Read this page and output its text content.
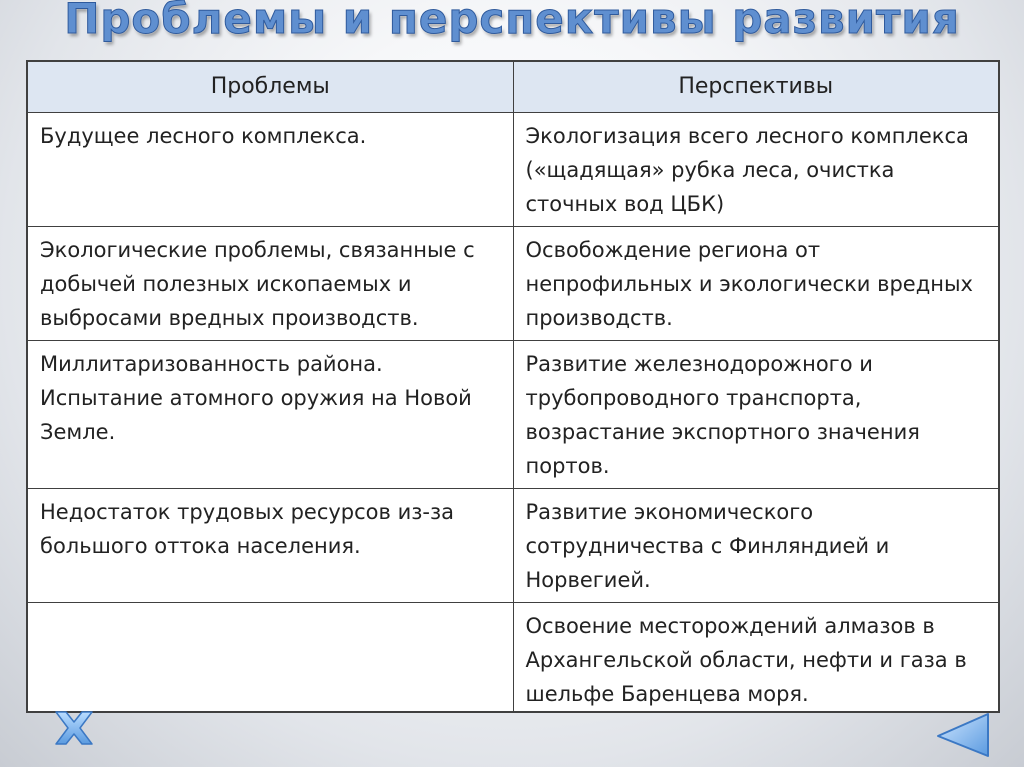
Проблемы и перспективы развития
Проблемы	Перспективы
Будущее лесного комплекса.	Экологизация всего лесного комплекса («щадящая» рубка леса, очистка сточных вод ЦБК)
Экологические проблемы, связанные с добычей полезных ископаемых и выбросами вредных производств.	Освобождение региона от непрофильных и экологически вредных производств.
Миллитаризованность района. Испытание атомного оружия на Новой Земле.	Развитие железнодорожного и трубопроводного транспорта, возрастание экспортного значения портов.
Недостаток трудовых ресурсов из-за большого оттока населения.	Развитие экономического сотрудничества с Финляндией и Норвегией.
	Освоение месторождений алмазов в Архангельской области, нефти и газа в шельфе Баренцева моря.
